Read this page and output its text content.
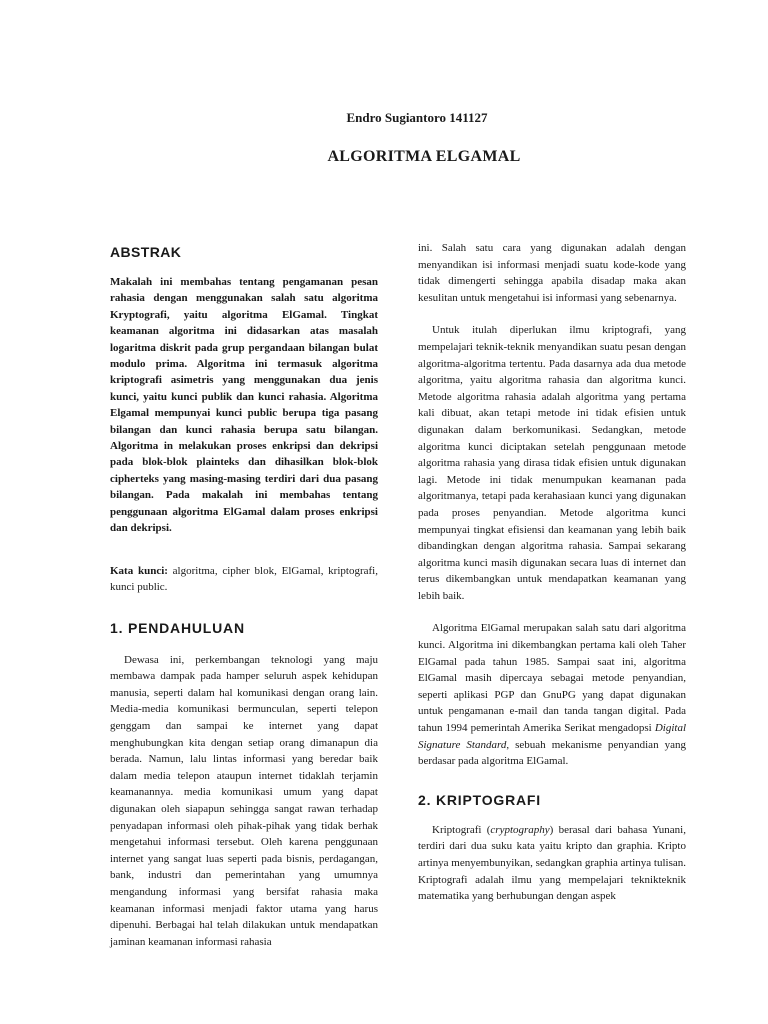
Endro Sugiantoro 141127
ALGORITMA ELGAMAL
ABSTRAK

Makalah ini membahas tentang pengamanan pesan rahasia dengan menggunakan salah satu algoritma Kryptografi, yaitu algoritma ElGamal. Tingkat keamanan algoritma ini didasarkan atas masalah logaritma diskrit pada grup pergandaan bilangan bulat modulo prima. Algoritma ini termasuk algoritma kriptografi asimetris yang menggunakan dua jenis kunci, yaitu kunci publik dan kunci rahasia. Algoritma Elgamal mempunyai kunci public berupa tiga pasang bilangan dan kunci rahasia berupa satu bilangan. Algoritma in melakukan proses enkripsi dan dekripsi pada blok-blok plainteks dan dihasilkan blok-blok cipherteks yang masing-masing terdiri dari dua pasang bilangan. Pada makalah ini membahas tentang penggunaan algoritma ElGamal dalam proses enkripsi dan dekripsi.

Kata kunci: algoritma, cipher blok, ElGamal, kriptografi, kunci public.

1. PENDAHULUAN

Dewasa ini, perkembangan teknologi yang maju membawa dampak pada hamper seluruh aspek kehidupan manusia, seperti dalam hal komunikasi dengan orang lain. Media-media komunikasi bermunculan, seperti telepon genggam dan sampai ke internet yang dapat menghubungkan kita dengan setiap orang dimanapun dia berada. Namun, lalu lintas informasi yang beredar baik dalam media telepon ataupun internet tidaklah terjamin keamanannya. media komunikasi umum yang dapat digunakan oleh siapapun sehingga sangat rawan terhadap penyadapan informasi oleh pihak-pihak yang tidak berhak mengetahui informasi tersebut. Oleh karena penggunaan internet yang sangat luas seperti pada bisnis, perdagangan, bank, industri dan pemerintahan yang umumnya mengandung informasi yang bersifat rahasia maka keamanan informasi menjadi faktor utama yang harus dipenuhi. Berbagai hal telah dilakukan untuk mendapatkan jaminan keamanan informasi rahasia

ini. Salah satu cara yang digunakan adalah dengan menyandikan isi informasi menjadi suatu kode-kode yang tidak dimengerti sehingga apabila disadap maka akan kesulitan untuk mengetahui isi informasi yang sebenarnya.

Untuk itulah diperlukan ilmu kriptografi, yang mempelajari teknik-teknik menyandikan suatu pesan dengan algoritma-algoritma tertentu. Pada dasarnya ada dua metode algoritma, yaitu algoritma rahasia dan algoritma kunci. Metode algoritma rahasia adalah algoritma yang pertama kali dibuat, akan tetapi metode ini tidak efisien untuk digunakan dalam berkomunikasi. Sedangkan, metode algoritma kunci diciptakan setelah penggunaan metode algoritma rahasia yang dirasa tidak efisien untuk digunakan lagi. Metode ini tidak menumpukan keamanan pada algoritmanya, tetapi pada kerahasiaan kunci yang digunakan pada proses penyandian. Metode algoritma kunci mempunyai tingkat efisiensi dan keamanan yang lebih baik dibandingkan dengan algoritma rahasia. Sampai sekarang algoritma kunci masih digunakan secara luas di internet dan terus dikembangkan untuk mendapatkan keamanan yang lebih baik.

Algoritma ElGamal merupakan salah satu dari algoritma kunci. Algoritma ini dikembangkan pertama kali oleh Taher ElGamal pada tahun 1985. Sampai saat ini, algoritma ElGamal masih dipercaya sebagai metode penyandian, seperti aplikasi PGP dan GnuPG yang dapat digunakan untuk pengamanan e-mail dan tanda tangan digital. Pada tahun 1994 pemerintah Amerika Serikat mengadopsi Digital Signature Standard, sebuah mekanisme penyandian yang berdasar pada algoritma ElGamal.

2. KRIPTOGRAFI

Kriptografi (cryptography) berasal dari bahasa Yunani, terdiri dari dua suku kata yaitu kripto dan graphia. Kripto artinya menyembunyikan, sedangkan graphia artinya tulisan. Kriptografi adalah ilmu yang mempelajari teknikteknik matematika yang berhubungan dengan aspek
